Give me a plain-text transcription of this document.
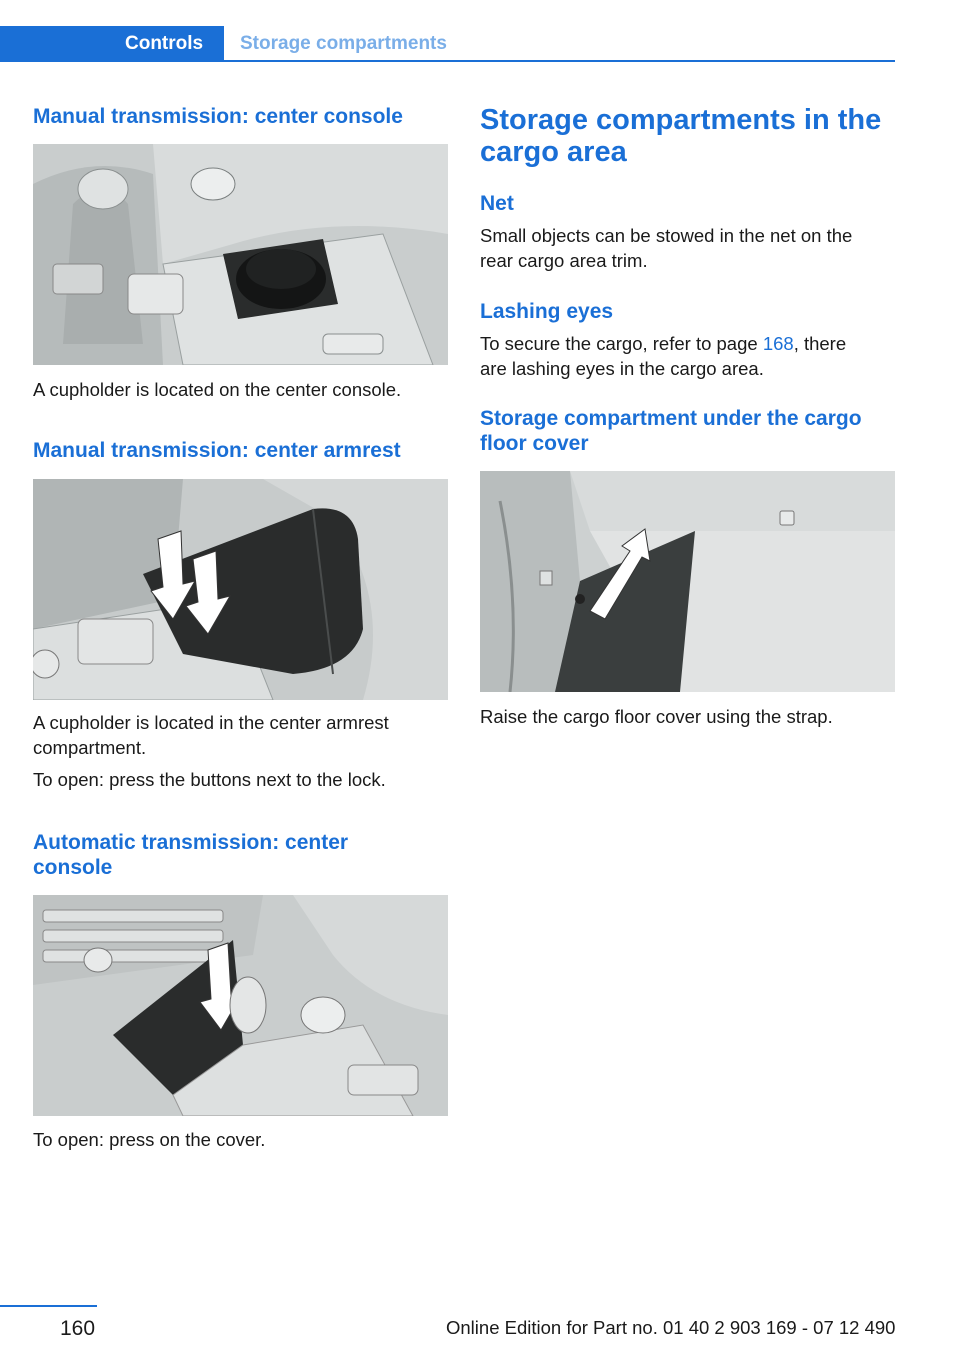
Controls	Storage compartments
Manual transmission: center console
A cupholder is located on the center console.
Manual transmission: center armrest
A cupholder is located in the center armrest
compartment.
To open: press the buttons next to the lock.
Automatic transmission: center
console
To open: press on the cover.
Storage compartments in the
cargo area
Net
Small objects can be stowed in the net on the
rear cargo area trim.
Lashing eyes
To secure the cargo, refer to page 168, there
are lashing eyes in the cargo area.
Storage compartment under the cargo
floor cover
Raise the cargo floor cover using the strap.
160	Online Edition for Part no. 01 40 2 903 169 - 07 12 490
